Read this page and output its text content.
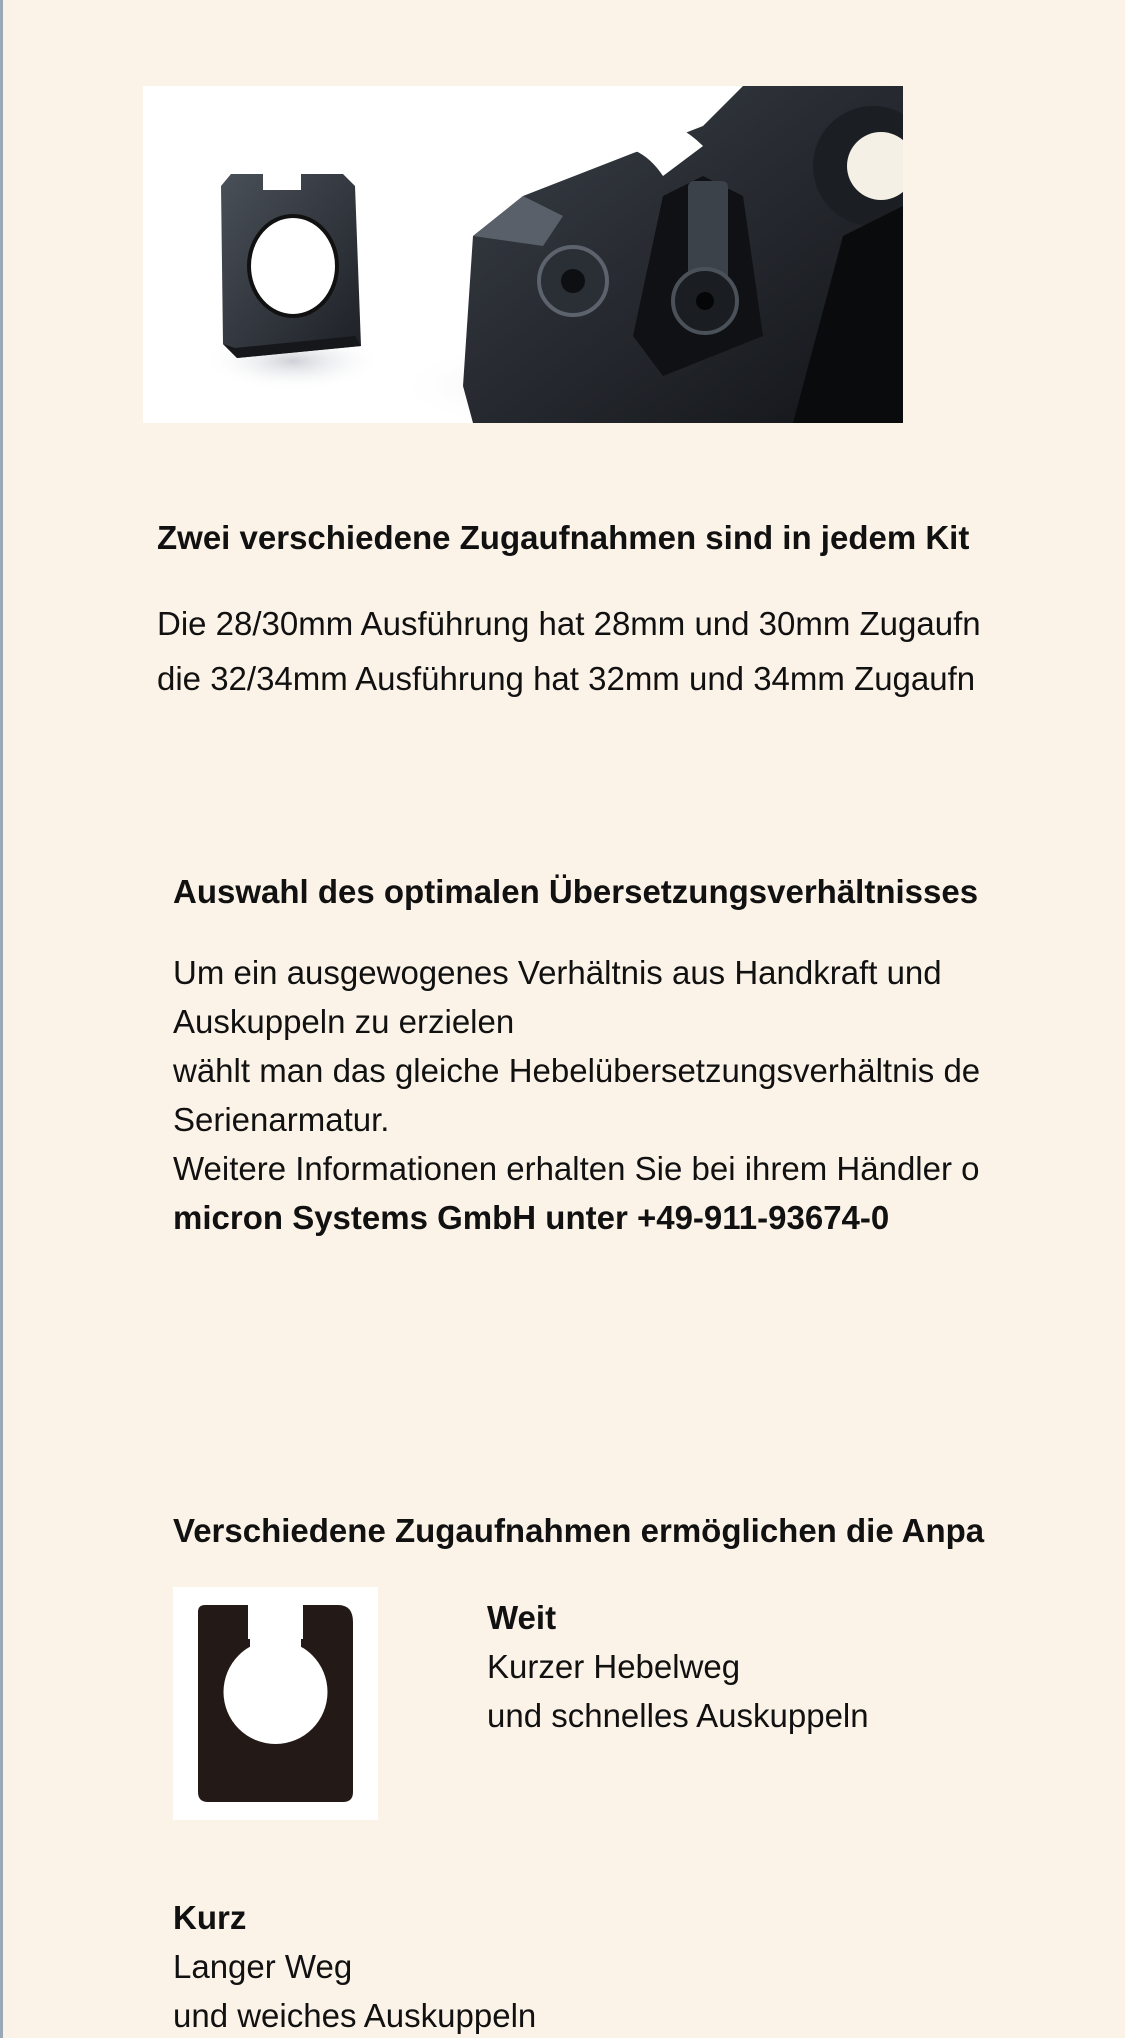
Zwei verschiedene Zugaufnahmen sind in jedem Kit

Die 28/30mm Ausführung hat 28mm und 30mm Zugaufn
die 32/34mm Ausführung hat 32mm und 34mm Zugaufn

Auswahl des optimalen Übersetzungsverhältnisses

Um ein ausgewogenes Verhältnis aus Handkraft und
Auskuppeln zu erzielen
wählt man das gleiche Hebelübersetzungsverhältnis de
Serienarmatur.
Weitere Informationen erhalten Sie bei ihrem Händler o
micron Systems GmbH unter +49-911-93674-0

Verschiedene Zugaufnahmen ermöglichen die Anpa
Weit
Kurzer Hebelweg
und schnelles Auskuppeln
Kurz
Langer Weg
und weiches Auskuppeln
